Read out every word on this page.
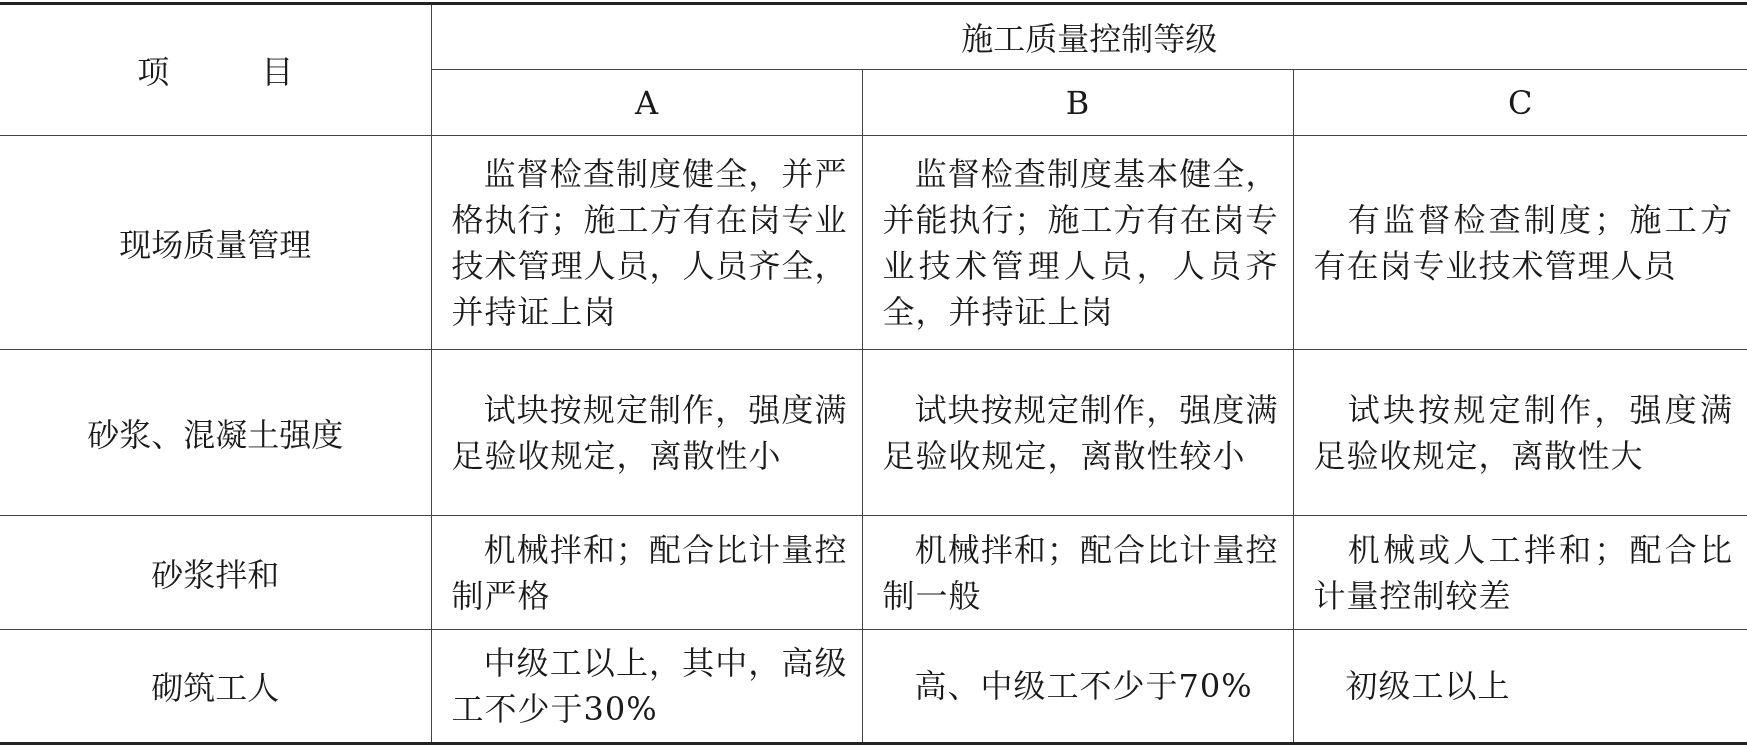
项 目	施工质量控制等级		
	A	B	C
现场质量管理	监督检查制度健全，并严格执行；施工方有在岗专业技术管理人员，人员齐全，并持证上岗	监督检查制度基本健全，并能执行；施工方有在岗专业技术管理人员，人员齐全，并持证上岗	有监督检查制度；施工方有在岗专业技术管理人员

砂浆、混凝土强度	试块按规定制作，强度满足验收规定，离散性小	试块按规定制作，强度满足验收规定，离散性较小	试块按规定制作，强度满足验收规定，离散性大

砂浆拌和	机械拌和；配合比计量控制严格	机械拌和；配合比计量控制一般	机械或人工拌和；配合比计量控制较差

砌筑工人	中级工以上，其中，高级工不少于30%	高、中级工不少于70%	初级工以上
